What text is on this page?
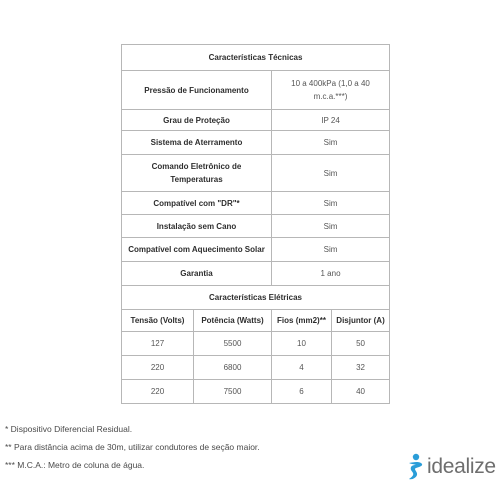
Características Técnicas			
Pressão de Funcionamento		10 a 400kPa (1,0 a 40 m.c.a.***)	
Grau de Proteção		IP 24	
Sistema de Aterramento		Sim	
Comando Eletrônico de Temperaturas		Sim	
Compatível com "DR"*		Sim	
Instalação sem Cano		Sim	
Compatível com Aquecimento Solar		Sim	
Garantia		1 ano	
Características Elétricas			
Tensão (Volts)	Potência (Watts)	Fios (mm2)**	Disjuntor (A)
127	5500	10	50
220	6800	4	32
220	7500	6	40
* Dispositivo Diferencial Residual.
** Para distância acima de 30m, utilizar condutores de seção maior.
*** M.C.A.: Metro de coluna de água.	idealize
